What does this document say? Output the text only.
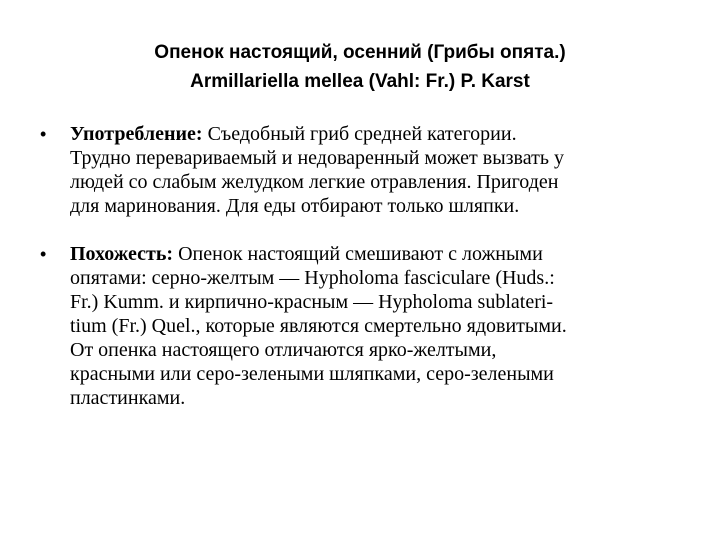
Опенок настоящий, осенний (Грибы опята.)
Armillariella mellea (Vahl: Fr.) P. Karst
• Употребление: Съедобный гриб средней категории.
Трудно перевариваемый и недоваренный может вызвать у
людей со слабым желудком легкие отравления. Пригоден
для маринования. Для еды отбирают только шляпки.
• Похожесть: Опенок настоящий смешивают с ложными
опятами: серно-желтым — Hypholoma fasciculare (Huds.:
Fr.) Kumm. и кирпично-красным — Hypholoma sublateri-
tium (Fr.) Quel., которые являются смертельно ядовитыми.
От опенка настоящего отличаются ярко-желтыми,
красными или серо-зелеными шляпками, серо-зелеными
пластинками.
